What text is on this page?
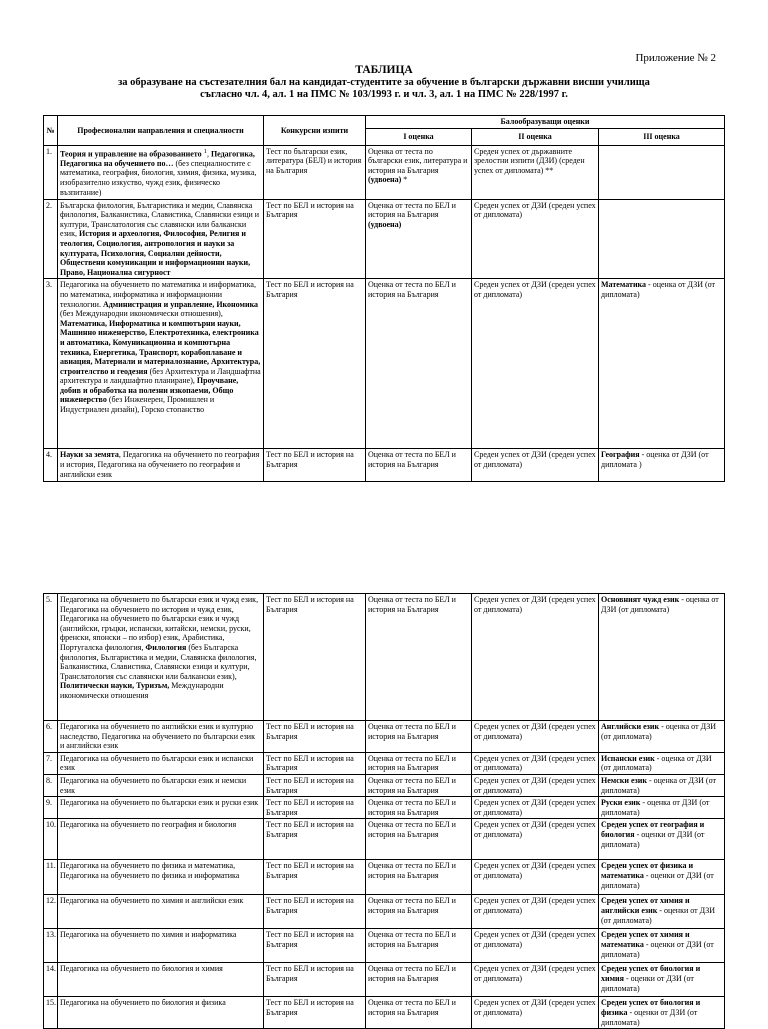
Приложение № 2
ТАБЛИЦА
за образуване на състезателния бал на кандидат-студентите за обучение в български държавни висши училища
съгласно чл. 4, ал. 1 на ПМС № 103/1993 г. и чл. 3, ал. 1 на ПМС № 228/1997 г.
№	Професионални направления и специалности	Конкурсни изпити	Балообразуващи оценки		
			I оценка	II оценка	III оценка
1.	Теория и управление на образованието $^1$, Педагогика, Педагогика на обучението по… (без специалностите с математика, география, биология, химия, физика, музика, изобразително изкуство, чужд език, физическо възпитание)	Тест по български език, литература (БЕЛ) и история на България	Оценка от теста по български език, литература и история на България (удвоена) *	Среден успех от държавните зрелостни изпити (ДЗИ) (среден успех от дипломата) **	
2.	Българска филология, Българистика и медии, Славянска филология, Балканистика, Славистика, Славянски езици и култури, Транслатология със славянски или балкански език, История и археология, Философия, Религия и теология, Социология, антропология и науки за културата, Психология, Социални дейности, Обществени комуникации и информационни науки, Право, Национална сигурност	Тест по БЕЛ и история на България	Оценка от теста по БЕЛ и история на България (удвоена)	Среден успех от ДЗИ (среден успех от дипломата)	
3.	Педагогика на обучението по математика и информатика, по математика, информатика и информационни технологии. Администрация и управление, Икономика (без Международни икономически отношения), Математика, Информатика и компютърни науки, Машинно инженерство, Електротехника, електроника и автоматика, Комуникационна и компютърна техника, Енергетика, Транспорт, корабоплаване и авиация, Материали и материалознание, Архитектура, строителство и геодезия (без Архитектура и Ландшафтна архитектура и ландшафтно планиране), Проучване, добив и обработка на полезни изкопаеми, Общо инженерство (без Инженерен, Промишлен и Индустриален дизайн), Горско стопанство	Тест по БЕЛ и история на България	Оценка от теста по БЕЛ и история на България	Среден успех от ДЗИ (среден успех от дипломата)	Математика - оценка от ДЗИ (от дипломата)
4.	Науки за земята, Педагогика на обучението по география и история, Педагогика на обучението по география и английски език	Тест по БЕЛ и история на България	Оценка от теста по БЕЛ и история на България	Среден успех от ДЗИ (среден успех от дипломата)	География - оценка от ДЗИ (от дипломата )
5.	Педагогика на обучението по български език и чужд език, Педагогика на обучението по история и чужд език, Педагогика на обучението по български език и чужд (английски, гръцки, испански, китайски, немски, руски, френски, японски – по избор) език, Арабистика, Португалска филология, Филология (без Българска филология, Българистика и медии, Славянска филология, Балканистика, Славистика, Славянски езици и култури, Транслатология със славянски или балкански език), Политически науки, Туризъм, Международни икономически отношения	Тест по БЕЛ и история на България	Оценка от теста по БЕЛ и история на България	Среден успех от ДЗИ (среден успех от дипломата)	Основният чужд език - оценка от ДЗИ (от дипломата)
6.	Педагогика на обучението по английски език и културно наследство, Педагогика на обучението по български език и английски език	Тест по БЕЛ и история на България	Оценка от теста по БЕЛ и история на България	Среден успех от ДЗИ (среден успех от дипломата)	Английски език - оценка от ДЗИ (от дипломата)
7.	Педагогика на обучението по български език и испански език	Тест по БЕЛ и история на България	Оценка от теста по БЕЛ и история на България	Среден успех от ДЗИ (среден успех от дипломата)	Испански език - оценка от ДЗИ (от дипломата)
8.	Педагогика на обучението по български език и немски език	Тест по БЕЛ и история на България	Оценка от теста по БЕЛ и история на България	Среден успех от ДЗИ (среден успех от дипломата)	Немски език - оценка от ДЗИ (от дипломата)
9.	Педагогика на обучението по български език и руски език	Тест по БЕЛ и история на България	Оценка от теста по БЕЛ и история на България	Среден успех от ДЗИ (среден успех от дипломата)	Руски език - оценка от ДЗИ (от дипломата)
10.	Педагогика на обучението по география и биология	Тест по БЕЛ и история на България	Оценка от теста по БЕЛ и история на България	Среден успех от ДЗИ (среден успех от дипломата)	Среден успех от география и биология - оценки от ДЗИ (от дипломата)
11.	Педагогика на обучението по физика и математика, Педагогика на обучението по физика и информатика	Тест по БЕЛ и история на България	Оценка от теста по БЕЛ и история на България	Среден успех от ДЗИ (среден успех от дипломата)	Среден успех от физика и математика - оценки от ДЗИ (от дипломата)
12.	Педагогика на обучението по химия и английски език	Тест по БЕЛ и история на България	Оценка от теста по БЕЛ и история на България	Среден успех от ДЗИ (среден успех от дипломата)	Среден успех от химия и английски език - оценки от ДЗИ (от дипломата)
13.	Педагогика на обучението по химия и информатика	Тест по БЕЛ и история на България	Оценка от теста по БЕЛ и история на България	Среден успех от ДЗИ (среден успех от дипломата)	Среден успех от химия и математика - оценки от ДЗИ (от дипломата)
14.	Педагогика на обучението по биология и химия	Тест по БЕЛ и история на България	Оценка от теста по БЕЛ и история на България	Среден успех от ДЗИ (среден успех от дипломата)	Среден успех от биология и химия - оценки от ДЗИ (от дипломата)
15.	Педагогика на обучението по биология и физика	Тест по БЕЛ и история на България	Оценка от теста по БЕЛ и история на България	Среден успех от ДЗИ (среден успех от дипломата)	Среден успех от биология и физика - оценки от ДЗИ (от дипломата)
